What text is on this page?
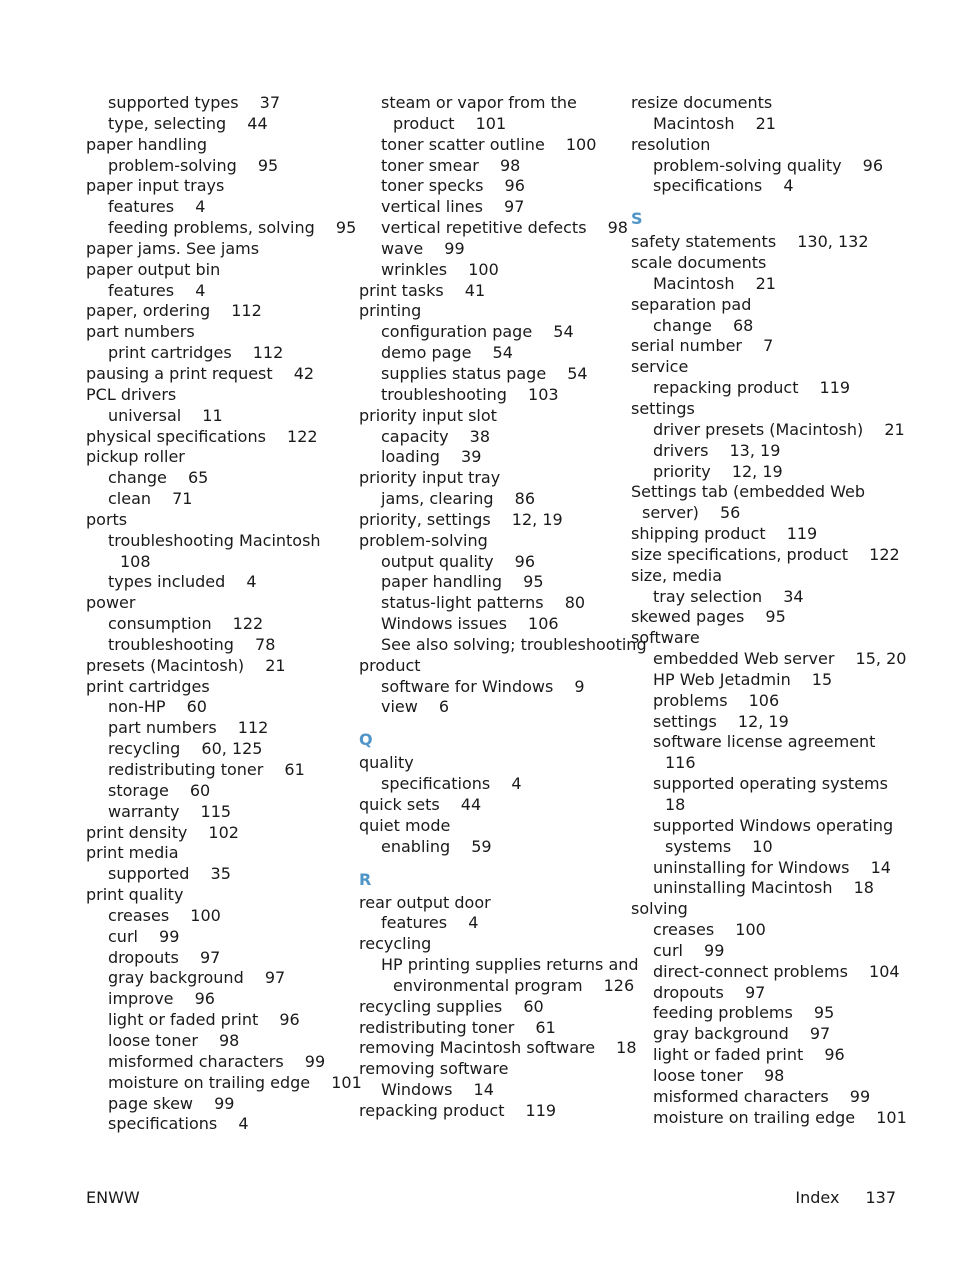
supported types  37
type, selecting  44
paper handling
problem-solving  95
paper input trays
features  4
feeding problems, solving  95
paper jams. See jams
paper output bin
features  4
paper, ordering  112
part numbers
print cartridges  112
pausing a print request  42
PCL drivers
universal  11
physical specifications  122
pickup roller
change  65
clean  71
ports
troubleshooting Macintosh
108
types included  4
power
consumption  122
troubleshooting  78
presets (Macintosh)  21
print cartridges
non-HP  60
part numbers  112
recycling  60, 125
redistributing toner  61
storage  60
warranty  115
print density  102
print media
supported  35
print quality
creases  100
curl  99
dropouts  97
gray background  97
improve  96
light or faded print  96
loose toner  98
misformed characters  99
moisture on trailing edge  101
page skew  99
specifications  4
steam or vapor from the
product  101
toner scatter outline  100
toner smear  98
toner specks  96
vertical lines  97
vertical repetitive defects  98
wave  99
wrinkles  100
print tasks  41
printing
configuration page  54
demo page  54
supplies status page  54
troubleshooting  103
priority input slot
capacity  38
loading  39
priority input tray
jams, clearing  86
priority, settings  12, 19
problem-solving
output quality  96
paper handling  95
status-light patterns  80
Windows issues  106
See also solving; troubleshooting
product
software for Windows  9
view  6
Q
quality
specifications  4
quick sets  44
quiet mode
enabling  59
R
rear output door
features  4
recycling
HP printing supplies returns and
environmental program  126
recycling supplies  60
redistributing toner  61
removing Macintosh software  18
removing software
Windows  14
repacking product  119
resize documents
Macintosh  21
resolution
problem-solving quality  96
specifications  4
S
safety statements  130, 132
scale documents
Macintosh  21
separation pad
change  68
serial number  7
service
repacking product  119
settings
driver presets (Macintosh)  21
drivers  13, 19
priority  12, 19
Settings tab (embedded Web
server)  56
shipping product  119
size specifications, product  122
size, media
tray selection  34
skewed pages  95
software
embedded Web server  15, 20
HP Web Jetadmin  15
problems  106
settings  12, 19
software license agreement
116
supported operating systems
18
supported Windows operating
systems  10
uninstalling for Windows  14
uninstalling Macintosh  18
solving
creases  100
curl  99
direct-connect problems  104
dropouts  97
feeding problems  95
gray background  97
light or faded print  96
loose toner  98
misformed characters  99
moisture on trailing edge  101
ENWW	Index 137
